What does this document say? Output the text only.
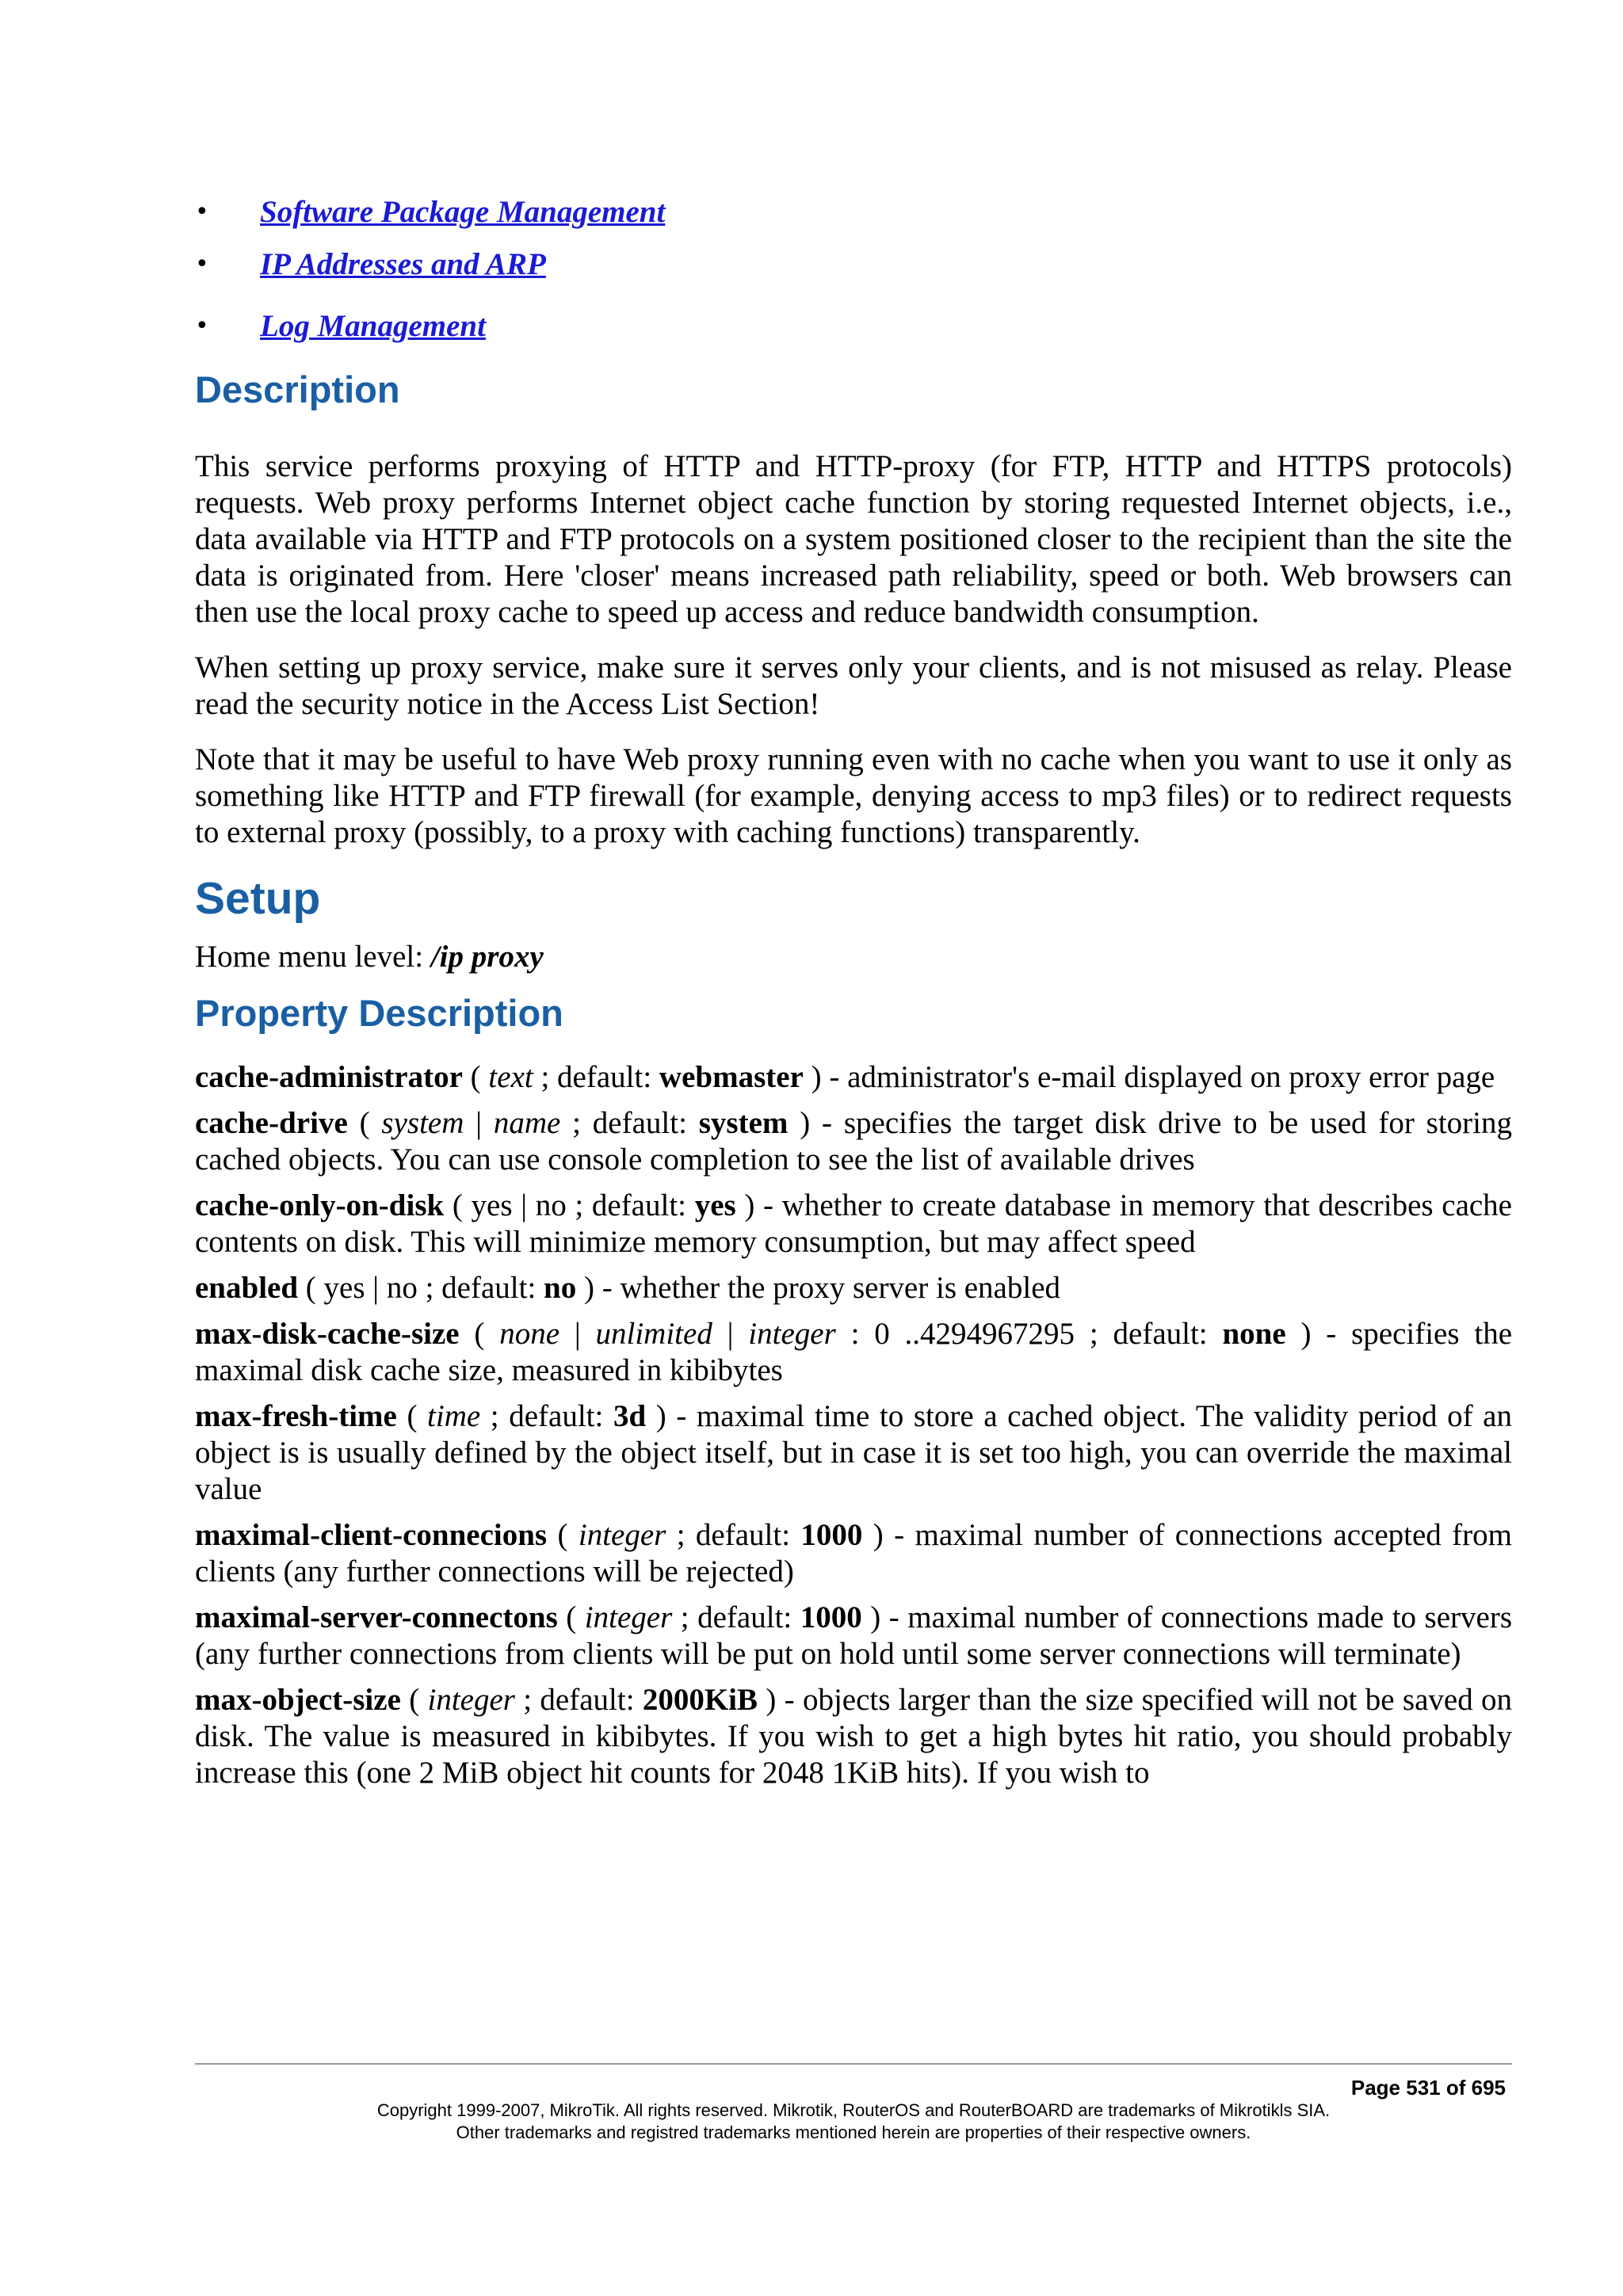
• Software Package Management
• IP Addresses and ARP
• Log Management
Description

This service performs proxying of HTTP and HTTP-proxy (for FTP, HTTP and HTTPS protocols) requests. Web proxy performs Internet object cache function by storing requested Internet objects, i.e., data available via HTTP and FTP protocols on a system positioned closer to the recipient than the site the data is originated from. Here 'closer' means increased path reliability, speed or both. Web browsers can then use the local proxy cache to speed up access and reduce bandwidth consumption.

When setting up proxy service, make sure it serves only your clients, and is not misused as relay. Please read the security notice in the Access List Section!

Note that it may be useful to have Web proxy running even with no cache when you want to use it only as something like HTTP and FTP firewall (for example, denying access to mp3 files) or to redirect requests to external proxy (possibly, to a proxy with caching functions) transparently.

Setup

Home menu level: /ip proxy

Property Description

cache-administrator ( text ; default: webmaster ) - administrator's e-mail displayed on proxy error page

cache-drive ( system | name ; default: system ) - specifies the target disk drive to be used for storing cached objects. You can use console completion to see the list of available drives

cache-only-on-disk ( yes | no ; default: yes ) - whether to create database in memory that describes cache contents on disk. This will minimize memory consumption, but may affect speed

enabled ( yes | no ; default: no ) - whether the proxy server is enabled

max-disk-cache-size ( none | unlimited | integer : 0 ..4294967295 ; default: none ) - specifies the maximal disk cache size, measured in kibibytes

max-fresh-time ( time ; default: 3d ) - maximal time to store a cached object. The validity period of an object is is usually defined by the object itself, but in case it is set too high, you can override the maximal value

maximal-client-connecions ( integer ; default: 1000 ) - maximal number of connections accepted from clients (any further connections will be rejected)

maximal-server-connectons ( integer ; default: 1000 ) - maximal number of connections made to servers (any further connections from clients will be put on hold until some server connections will terminate)

max-object-size ( integer ; default: 2000KiB ) - objects larger than the size specified will not be saved on disk. The value is measured in kibibytes. If you wish to get a high bytes hit ratio, you should probably increase this (one 2 MiB object hit counts for 2048 1KiB hits). If you wish to

Page 531 of 695
Copyright 1999-2007, MikroTik. All rights reserved. Mikrotik, RouterOS and RouterBOARD are trademarks of Mikrotikls SIA.
Other trademarks and registred trademarks mentioned herein are properties of their respective owners.
